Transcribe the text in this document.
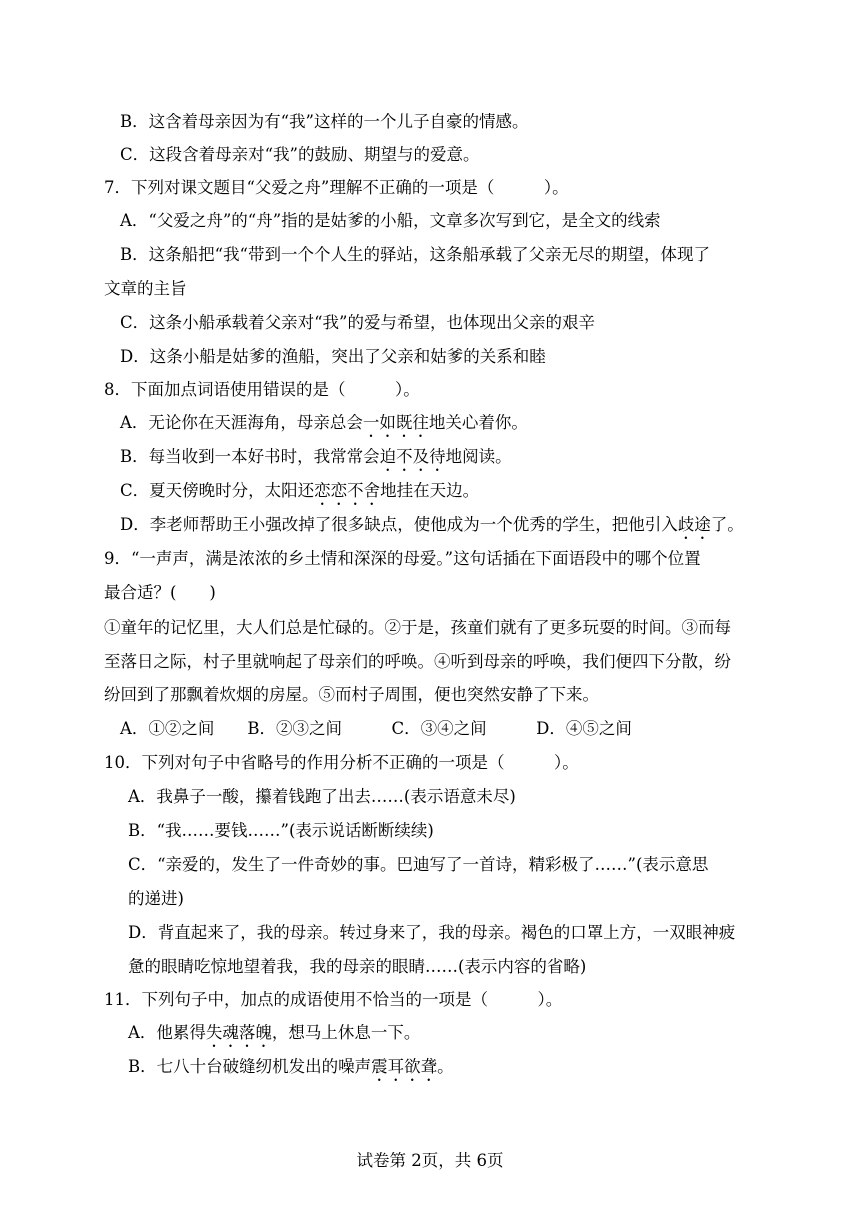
B．这含着母亲因为有“我”这样的一个儿子自豪的情感。
C．这段含着母亲对“我”的鼓励、期望与的爱意。
7．下列对课文题目“父爱之舟”理解不正确的一项是（　　　）。
A．“父爱之舟”的“舟”指的是姑爹的小船，文章多次写到它，是全文的线索
B．这条船把“我“带到一个个人生的驿站，这条船承载了父亲无尽的期望，体现了
文章的主旨
C．这条小船承载着父亲对“我”的爱与希望，也体现出父亲的艰辛
D．这条小船是姑爹的渔船，突出了父亲和姑爹的关系和睦
8．下面加点词语使用错误的是（　　　）。
A．无论你在天涯海角，母亲总会一如既往地关心着你。
B．每当收到一本好书时，我常常会迫不及待地阅读。
C．夏天傍晚时分，太阳还恋恋不舍地挂在天边。
D．李老师帮助王小强改掉了很多缺点，使他成为一个优秀的学生，把他引入歧途了。
9．“一声声，满是浓浓的乡土情和深深的母爱。”这句话插在下面语段中的哪个位置
最合适？(　　)
①童年的记忆里，大人们总是忙碌的。②于是，孩童们就有了更多玩耍的时间。③而每
至落日之际，村子里就响起了母亲们的呼唤。④听到母亲的呼唤，我们便四下分散，纷
纷回到了那飘着炊烟的房屋。⑤而村子周围，便也突然安静了下来。
A．①②之间　　B．②③之间　　　C．③④之间　　　D．④⑤之间
10．下列对句子中省略号的作用分析不正确的一项是（　　　）。
A．我鼻子一酸，攥着钱跑了出去……(表示语意未尽)
B．“我……要钱……”(表示说话断断续续)
C．“亲爱的，发生了一件奇妙的事。巴迪写了一首诗，精彩极了……”(表示意思
的递进)
D．背直起来了，我的母亲。转过身来了，我的母亲。褐色的口罩上方，一双眼神疲
惫的眼睛吃惊地望着我，我的母亲的眼睛……(表示内容的省略)
11．下列句子中，加点的成语使用不恰当的一项是（　　　）。
A．他累得失魂落魄，想马上休息一下。
B．七八十台破缝纫机发出的噪声震耳欲聋。
试卷第 2页，共 6页
